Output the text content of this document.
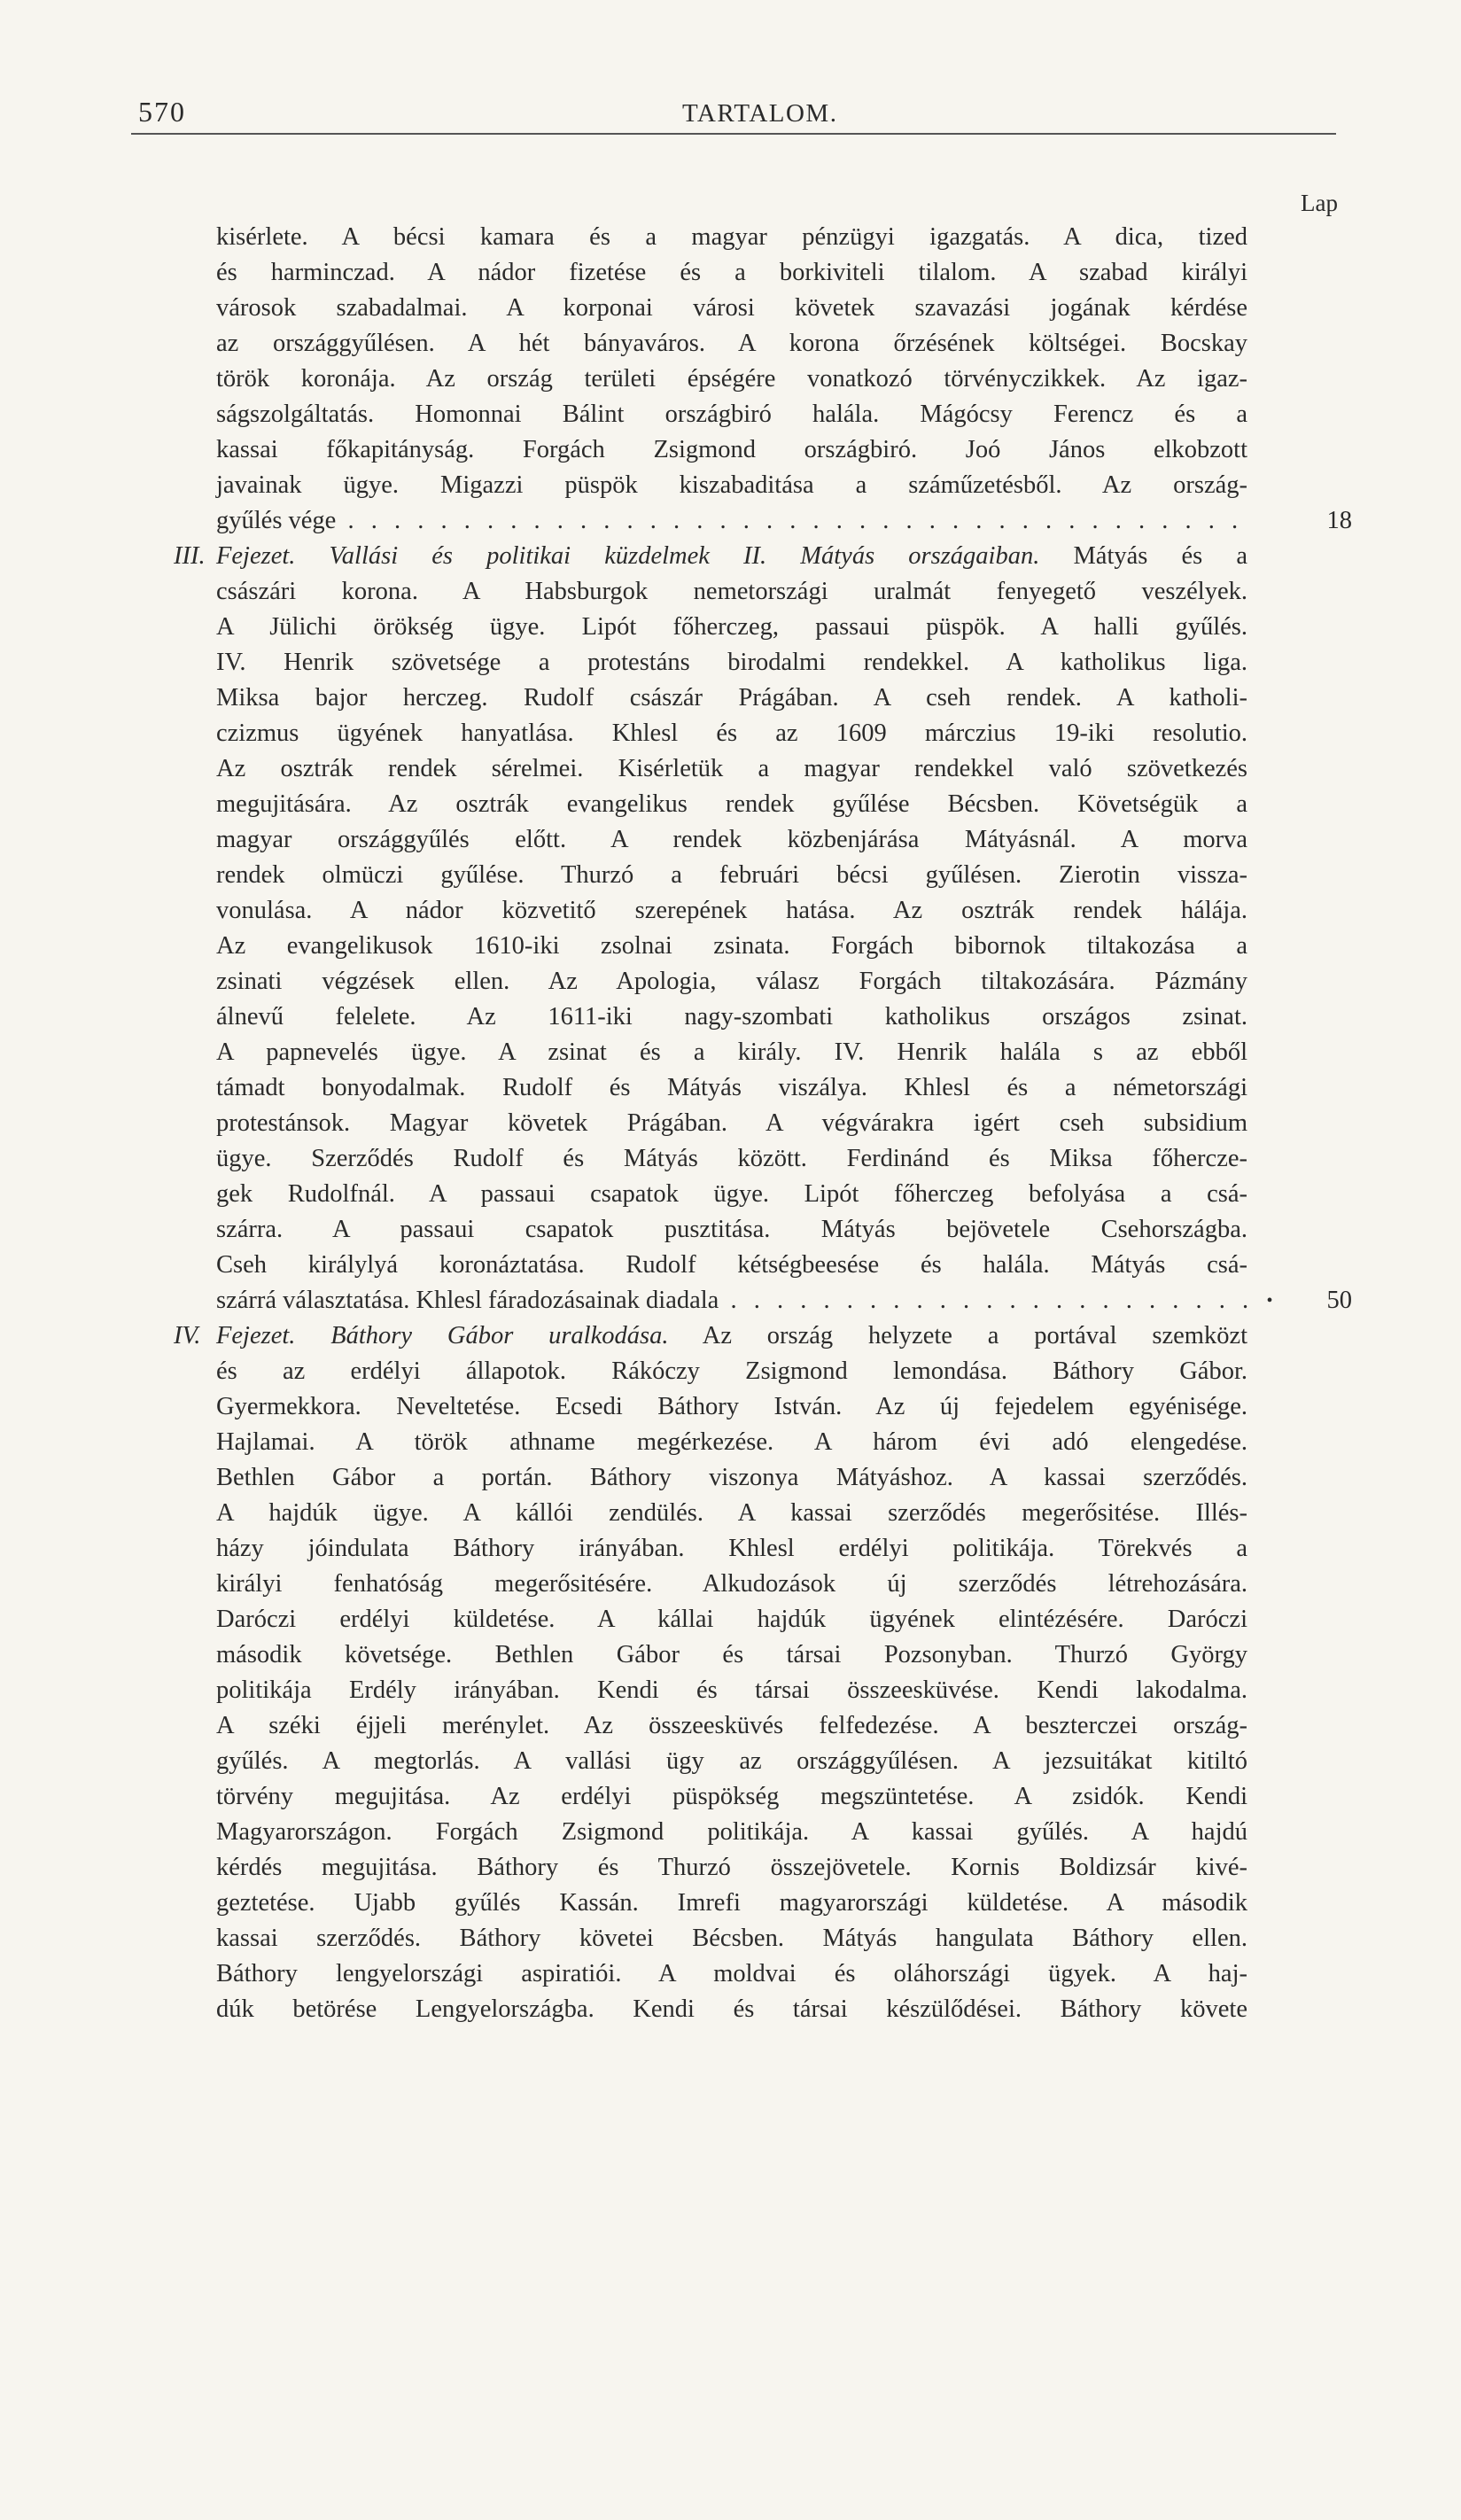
570	TARTALOM.
Lap
kisérlete. A bécsi kamara és a magyar pénzügyi igazgatás. A dica, tized
és harminczad. A nádor fizetése és a borkiviteli tilalom. A szabad királyi
városok szabadalmai. A korponai városi követek szavazási jogának kérdése
az országgyűlésen. A hét bányaváros. A korona őrzésének költségei. Bocskay
török koronája. Az ország területi épségére vonatkozó törvényczikkek. Az igaz-
ságszolgáltatás. Homonnai Bálint országbiró halála. Mágócsy Ferencz és a
kassai főkapitányság. Forgách Zsigmond országbiró. Joó János elkobzott
javainak ügye. Migazzi püspök kiszabaditása a száműzetésből. Az ország-
gyűlés vége . . .	18
III. Fejezet. Vallási és politikai küzdelmek II. Mátyás országaiban. Mátyás és a
császári korona. A Habsburgok nemetországi uralmát fenyegető veszélyek.
A Jülichi örökség ügye. Lipót főherczeg, passaui püspök. A halli gyűlés.
IV. Henrik szövetsége a protestáns birodalmi rendekkel. A katholikus liga.
Miksa bajor herczeg. Rudolf császár Prágában. A cseh rendek. A katholi-
czizmus ügyének hanyatlása. Khlesl és az 1609 márczius 19-iki resolutio.
Az osztrák rendek sérelmei. Kisérletük a magyar rendekkel való szövetkezés
megujitására. Az osztrák evangelikus rendek gyűlése Bécsben. Követségük a
magyar országgyűlés előtt. A rendek közbenjárása Mátyásnál. A morva
rendek olmüczi gyűlése. Thurzó a februári bécsi gyűlésen. Zierotin vissza-
vonulása. A nádor közvetitő szerepének hatása. Az osztrák rendek hálája.
Az evangelikusok 1610-iki zsolnai zsinata. Forgách bibornok tiltakozása a
zsinati végzések ellen. Az Apologia, válasz Forgách tiltakozására. Pázmány
álnevű felelete. Az 1611-iki nagy-szombati katholikus országos zsinat.
A papnevelés ügye. A zsinat és a király. IV. Henrik halála s az ebből
támadt bonyodalmak. Rudolf és Mátyás viszálya. Khlesl és a németországi
protestánsok. Magyar követek Prágában. A végvárakra igért cseh subsidium
ügye. Szerződés Rudolf és Mátyás között. Ferdinánd és Miksa főhercze-
gek Rudolfnál. A passaui csapatok ügye. Lipót főherczeg befolyása a csá-
szárra. A passaui csapatok pusztitása. Mátyás bejövetele Csehországba.
Cseh királylyá koronáztatása. Rudolf kétségbeesése és halála. Mátyás csá-
szárrá választatása. Khlesl fáradozásainak diadala . . .	•	50
IV. Fejezet. Báthory Gábor uralkodása. Az ország helyzete a portával szemközt
és az erdélyi állapotok. Rákóczy Zsigmond lemondása. Báthory Gábor.
Gyermekkora. Neveltetése. Ecsedi Báthory István. Az új fejedelem egyénisége.
Hajlamai. A török athname megérkezése. A három évi adó elengedése.
Bethlen Gábor a portán. Báthory viszonya Mátyáshoz. A kassai szerződés.
A hajdúk ügye. A kállói zendülés. A kassai szerződés megerősitése. Illés-
házy jóindulata Báthory irányában. Khlesl erdélyi politikája. Törekvés a
királyi fenhatóság megerősitésére. Alkudozások új szerződés létrehozására.
Daróczi erdélyi küldetése. A kállai hajdúk ügyének elintézésére. Daróczi
második követsége. Bethlen Gábor és társai Pozsonyban. Thurzó György
politikája Erdély irányában. Kendi és társai összeesküvése. Kendi lakodalma.
A széki éjjeli merénylet. Az összeesküvés felfedezése. A beszterczei ország-
gyűlés. A megtorlás. A vallási ügy az országgyűlésen. A jezsuitákat kitiltó
törvény megujitása. Az erdélyi püspökség megszüntetése. A zsidók. Kendi
Magyarországon. Forgách Zsigmond politikája. A kassai gyűlés. A hajdú
kérdés megujitása. Báthory és Thurzó összejövetele. Kornis Boldizsár kivé-
geztetése. Ujabb gyűlés Kassán. Imrefi magyarországi küldetése. A második
kassai szerződés. Báthory követei Bécsben. Mátyás hangulata Báthory ellen.
Báthory lengyelországi aspiratiói. A moldvai és oláhországi ügyek. A haj-
dúk betörése Lengyelországba. Kendi és társai készülődései. Báthory követe
